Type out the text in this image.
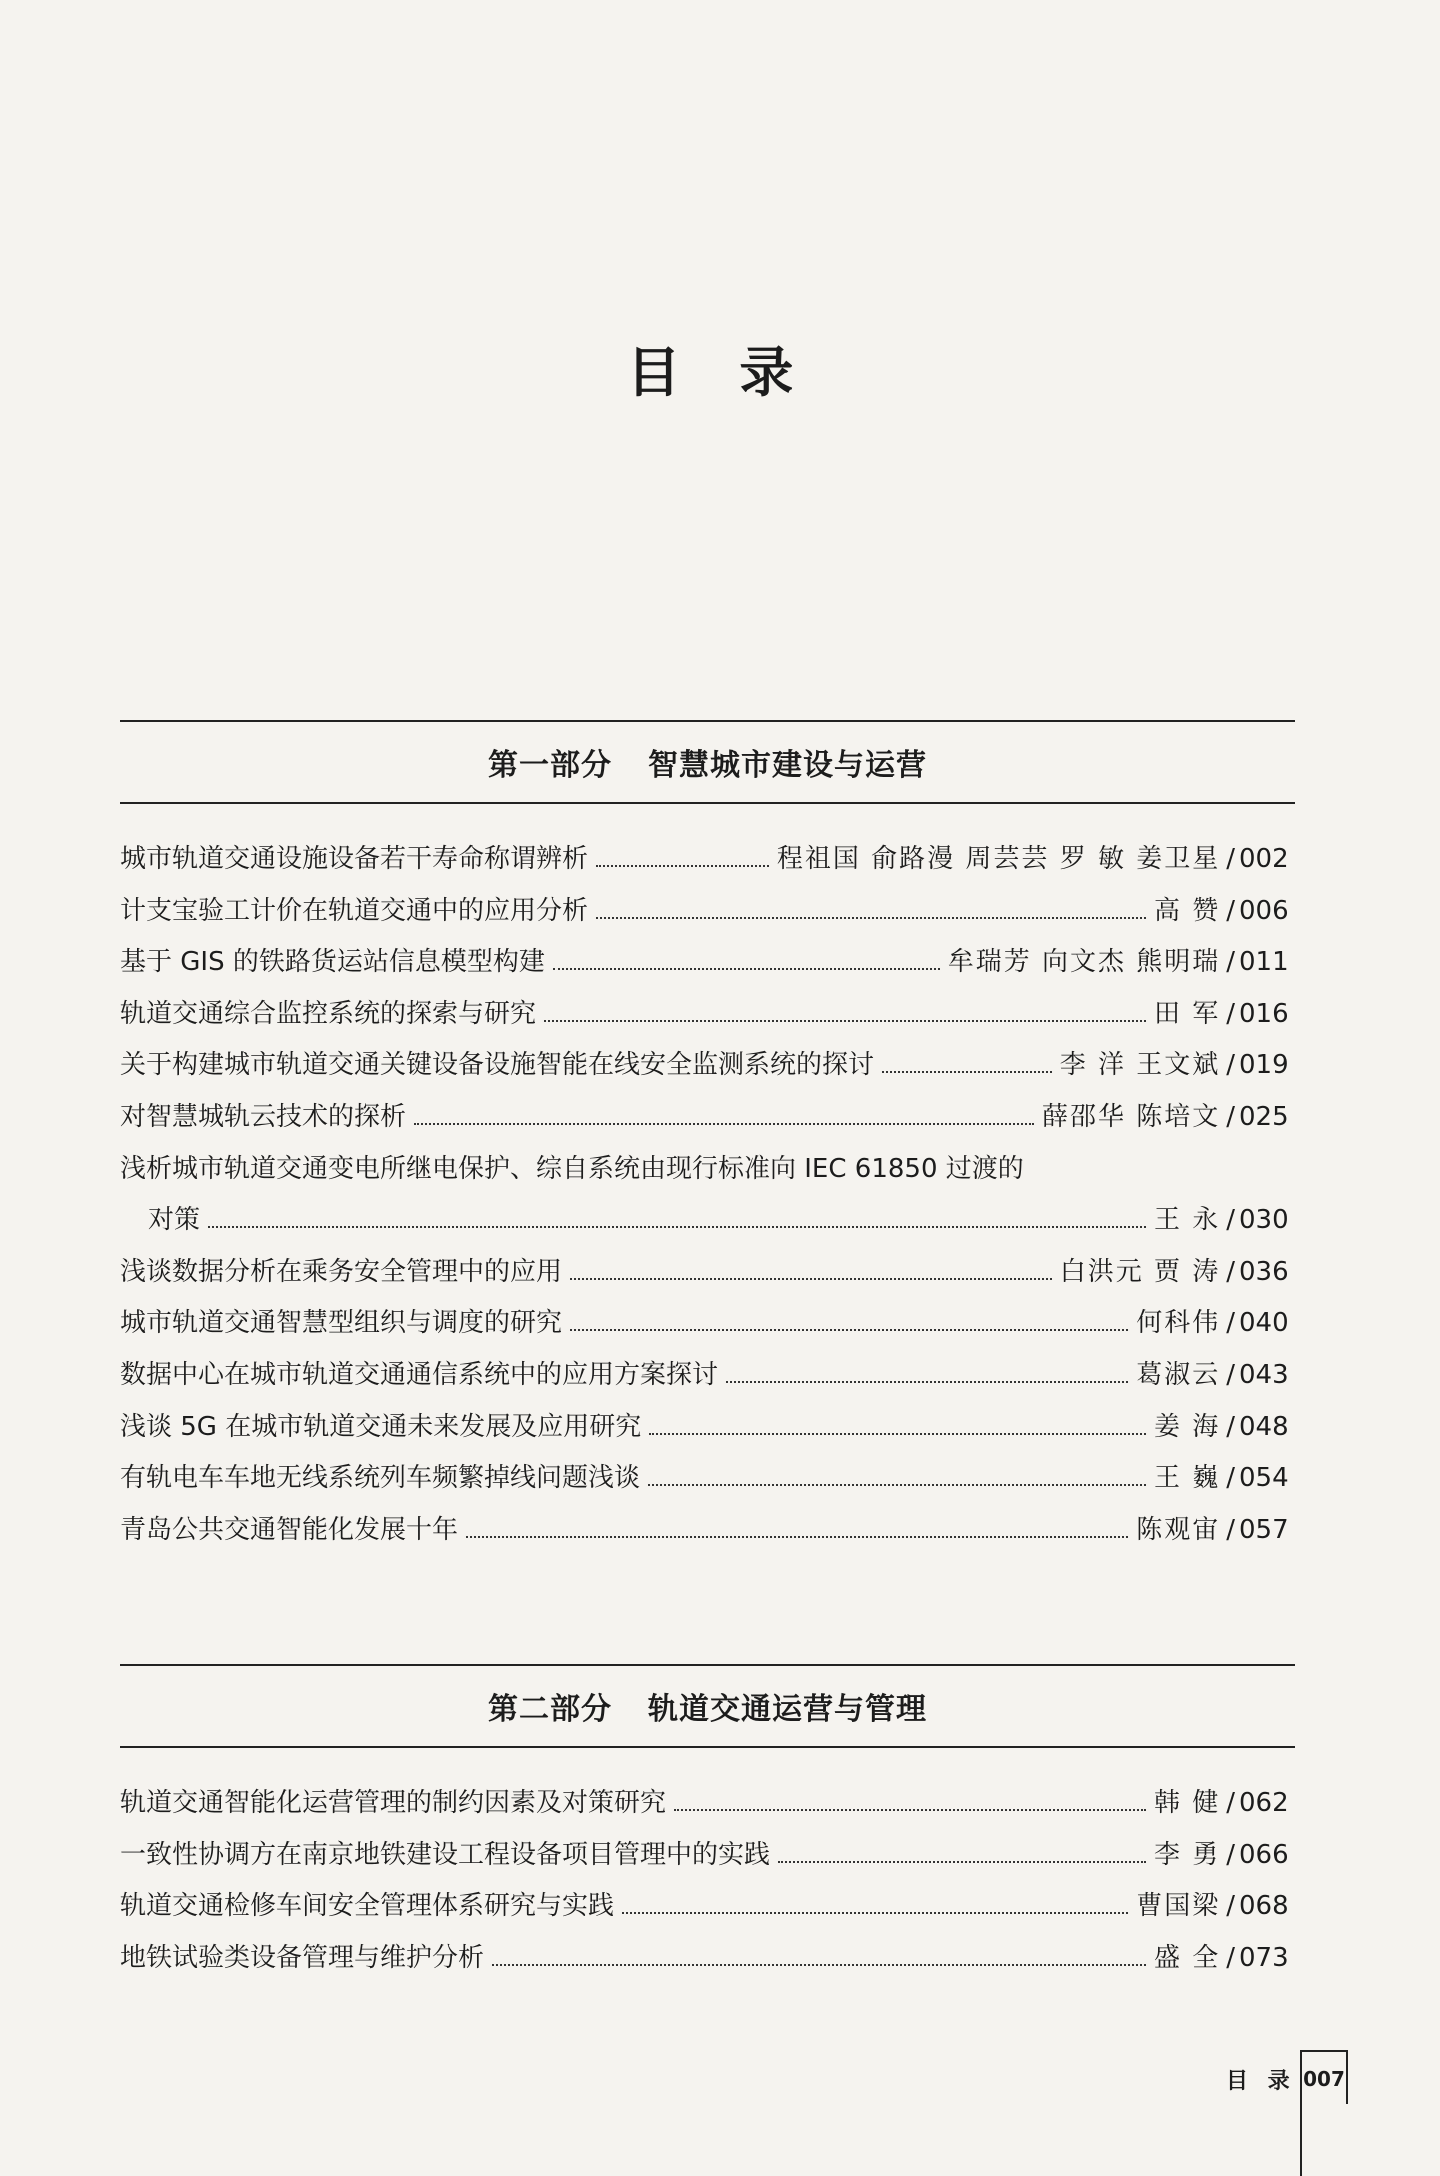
目 录
第一部分 智慧城市建设与运营
城市轨道交通设施设备若干寿命称谓辨析	程祖国 俞路漫 周芸芸 罗 敏 姜卫星 / 002
计支宝验工计价在轨道交通中的应用分析	高 赞 / 006
基于 GIS 的铁路货运站信息模型构建	牟瑞芳 向文杰 熊明瑞 / 011
轨道交通综合监控系统的探索与研究	田 军 / 016
关于构建城市轨道交通关键设备设施智能在线安全监测系统的探讨	李 洋 王文斌 / 019
对智慧城轨云技术的探析	薛邵华 陈培文 / 025
浅析城市轨道交通变电所继电保护、综自系统由现行标准向 IEC 61850 过渡的
对策	王 永 / 030
浅谈数据分析在乘务安全管理中的应用	白洪元 贾 涛 / 036
城市轨道交通智慧型组织与调度的研究	何科伟 / 040
数据中心在城市轨道交通通信系统中的应用方案探讨	葛淑云 / 043
浅谈 5G 在城市轨道交通未来发展及应用研究	姜 海 / 048
有轨电车车地无线系统列车频繁掉线问题浅谈	王 巍 / 054
青岛公共交通智能化发展十年	陈观宙 / 057
第二部分 轨道交通运营与管理
轨道交通智能化运营管理的制约因素及对策研究	韩 健 / 062
一致性协调方在南京地铁建设工程设备项目管理中的实践	李 勇 / 066
轨道交通检修车间安全管理体系研究与实践	曹国梁 / 068
地铁试验类设备管理与维护分析	盛 全 / 073
目 录 007
